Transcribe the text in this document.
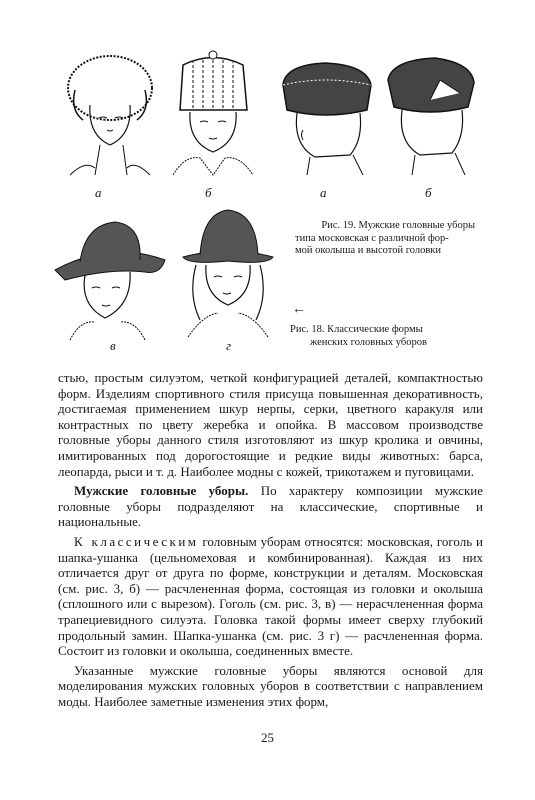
а	б	а	б
в	г
Рис. 19. Мужские головные уборы
типа московская с различной фор-
мой околыша и высотой головки
←
Рис. 18. Классические формы
женских головных уборов

стью, простым силуэтом, четкой конфигурацией деталей, компактностью форм. Изделиям спортивного стиля присуща повышенная декоративность, достигаемая применением шкур нерпы, серки, цветного каракуля или контрастных по цвету жеребка и опойка. В массовом производстве головные уборы данного стиля изготовляют из шкур кролика и овчины, имитированных под дорогостоящие и редкие виды животных: барса, леопарда, рыси и т. д. Наиболее модны с кожей, трикотажем и пуговицами.

Мужские головные уборы. По характеру композиции мужские головные уборы подразделяют на классические, спортивные и национальные.

К классическим головным уборам относятся: московская, гоголь и шапка-ушанка (цельномеховая и комбинированная). Каждая из них отличается друг от друга по форме, конструкции и деталям. Московская (см. рис. 3, б) — расчлененная форма, состоящая из головки и околыша (сплошного или с вырезом). Гоголь (см. рис. 3, в) — нерасчлененная форма трапециевидного силуэта. Головка такой формы имеет сверху глубокий продольный замин. Шапка-ушанка (см. рис. 3 г) — расчлененная форма. Состоит из головки и околыша, соединенных вместе.

Указанные мужские головные уборы являются основой для моделирования мужских головных уборов в соответствии с направлением моды. Наиболее заметные изменения этих форм,

25
